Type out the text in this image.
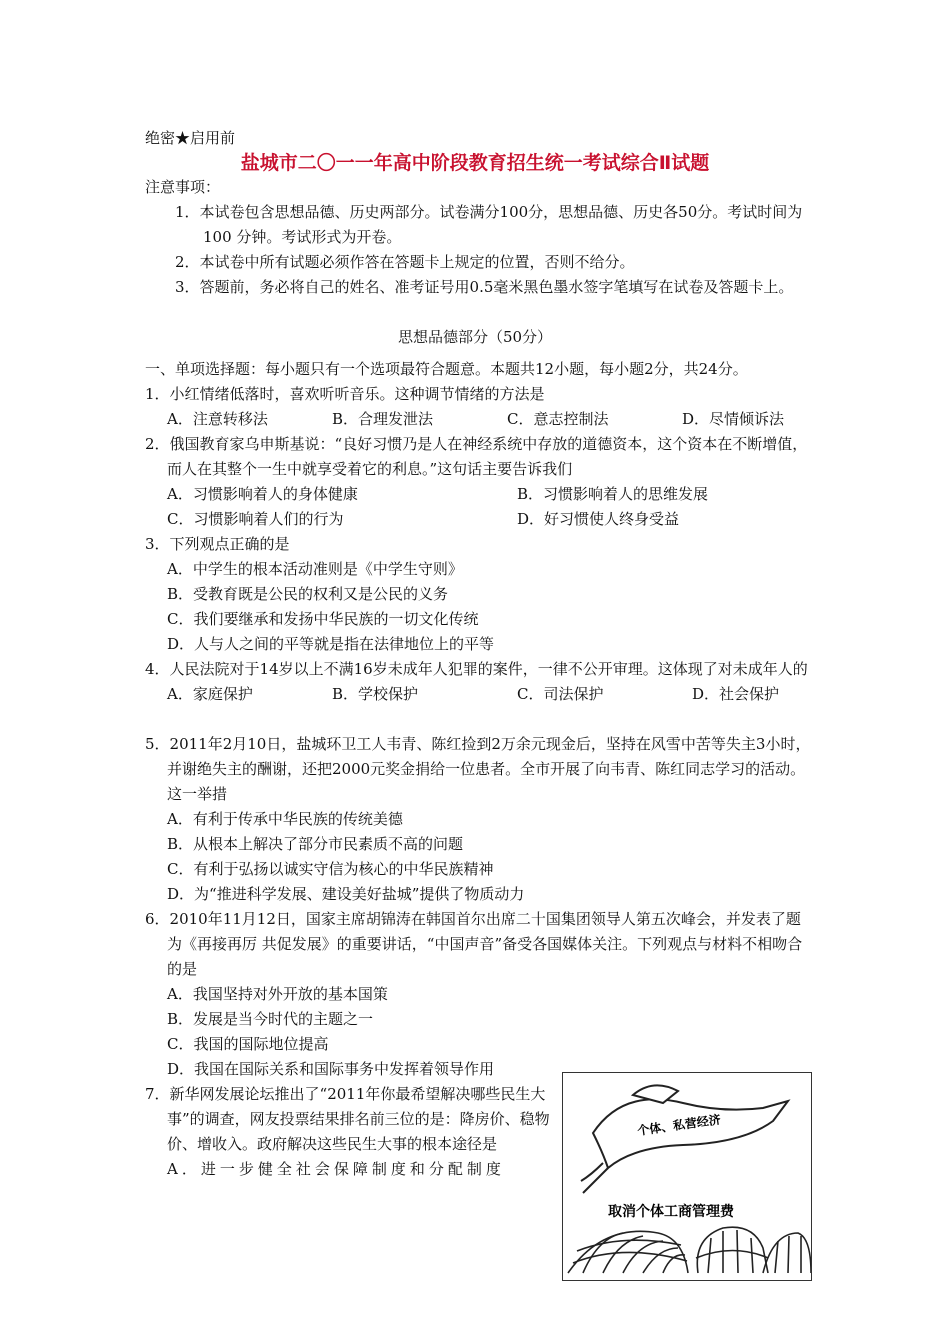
绝密★启用前
盐城市二〇一一年高中阶段教育招生统一考试综合Ⅱ试题
注意事项：
1．本试卷包含思想品德、历史两部分。试卷满分100分，思想品德、历史各50分。考试时间为100 分钟。考试形式为开卷。
2．本试卷中所有试题必须作答在答题卡上规定的位置，否则不给分。
3．答题前，务必将自己的姓名、准考证号用0.5毫米黑色墨水签字笔填写在试卷及答题卡上。
思想品德部分（50分）
一、单项选择题：每小题只有一个选项最符合题意。本题共12小题，每小题2分，共24分。
1．小红情绪低落时，喜欢听听音乐。这种调节情绪的方法是
A．注意转移法	B．合理发泄法	C．意志控制法	D．尽情倾诉法
2．俄国教育家乌申斯基说：“良好习惯乃是人在神经系统中存放的道德资本，这个资本在不断增值，而人在其整个一生中就享受着它的利息。”这句话主要告诉我们
A．习惯影响着人的身体健康	B．习惯影响着人的思维发展
C．习惯影响着人们的行为	D．好习惯使人终身受益
3．下列观点正确的是
A．中学生的根本活动准则是《中学生守则》
B．受教育既是公民的权利又是公民的义务
C．我们要继承和发扬中华民族的一切文化传统
D．人与人之间的平等就是指在法律地位上的平等
4．人民法院对于14岁以上不满16岁未成年人犯罪的案件，一律不公开审理。这体现了对未成年人的
A．家庭保护	B．学校保护	C．司法保护	D．社会保护
5．2011年2月10日，盐城环卫工人韦青、陈红捡到2万余元现金后，坚持在风雪中苦等失主3小时，并谢绝失主的酬谢，还把2000元奖金捐给一位患者。全市开展了向韦青、陈红同志学习的活动。这一举措
A．有利于传承中华民族的传统美德
B．从根本上解决了部分市民素质不高的问题
C．有利于弘扬以诚实守信为核心的中华民族精神
D．为“推进科学发展、建设美好盐城”提供了物质动力
6．2010年11月12日，国家主席胡锦涛在韩国首尔出席二十国集团领导人第五次峰会，并发表了题为《再接再厉 共促发展》的重要讲话，“中国声音”备受各国媒体关注。下列观点与材料不相吻合的是
A．我国坚持对外开放的基本国策
B．发展是当今时代的主题之一
C．我国的国际地位提高
D．我国在国际关系和国际事务中发挥着领导作用
7．新华网发展论坛推出了“2011年你最希望解决哪些民生大事”的调查，网友投票结果排名前三位的是：降房价、稳物价、增收入。政府解决这些民生大事的根本途径是
A．进一步健全社会保障制度和分配制度
个体、私营经济
取消个体工商管理费
